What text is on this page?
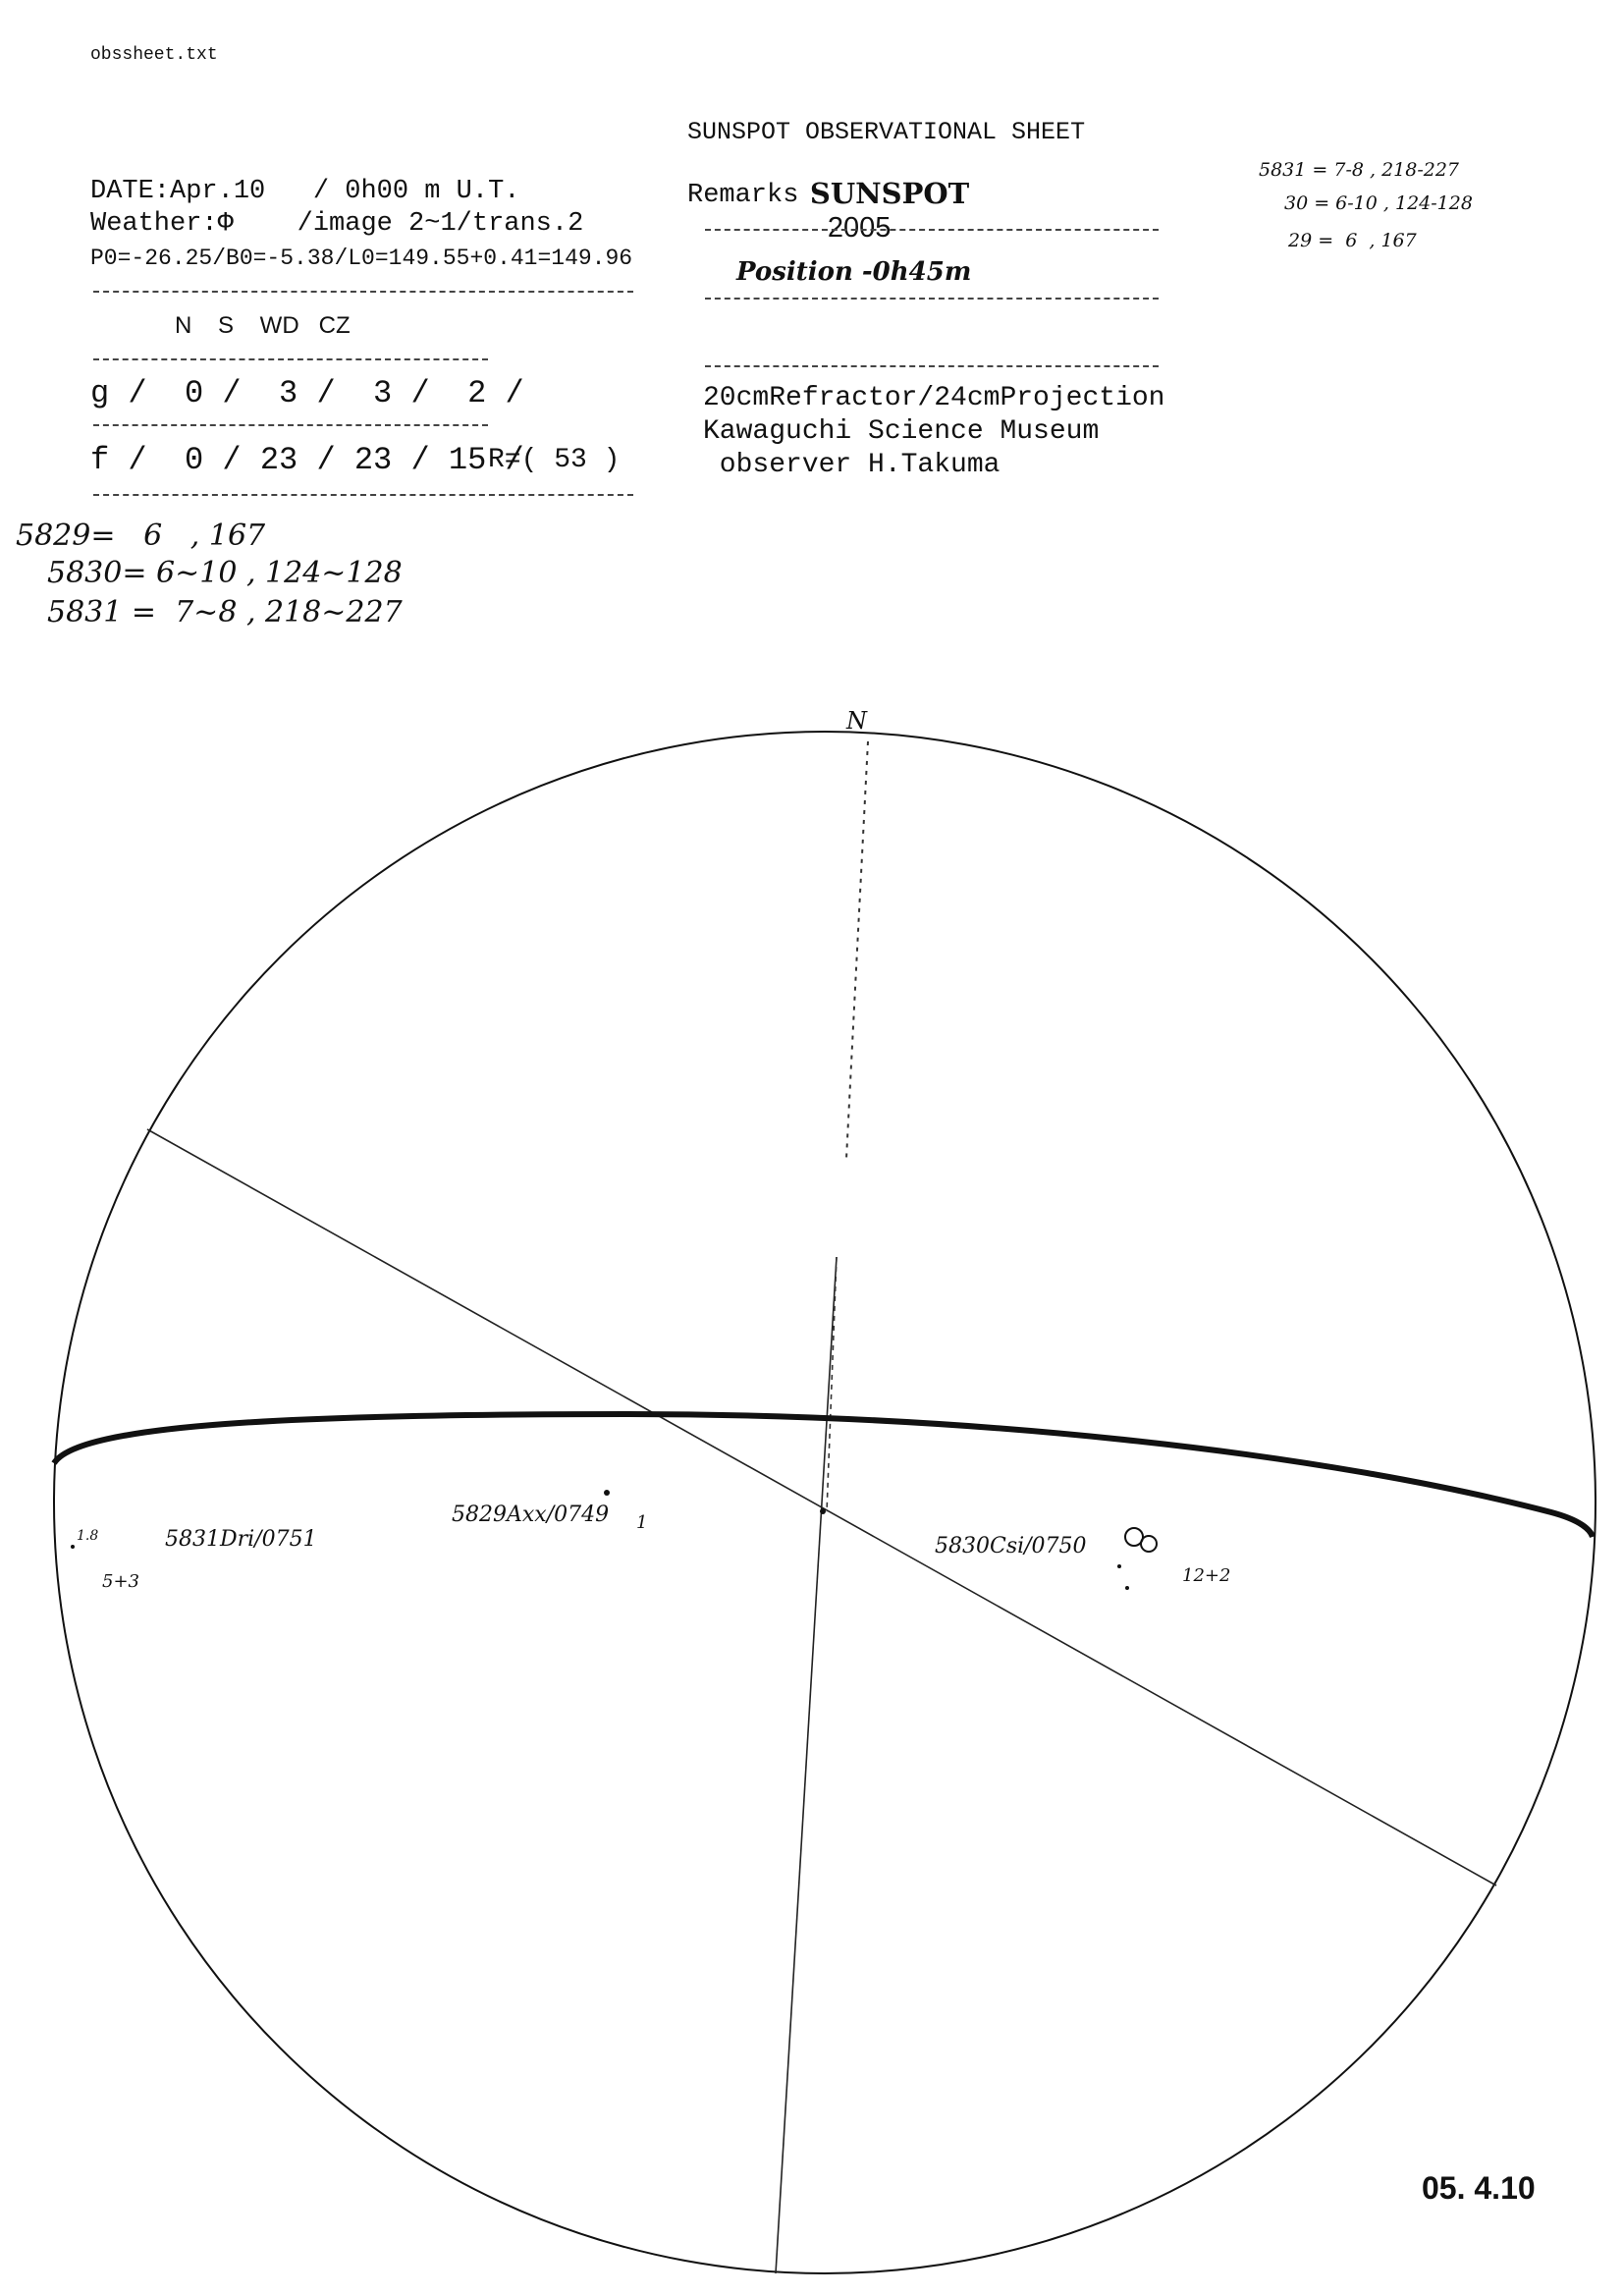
obssheet.txt
SUNSPOT OBSERVATIONAL SHEET

SUNSPOT
2005

Remarks
Position -0h45m
20cmRefractor/24cmProjection
Kawaguchi Science Museum
observer H.Takuma
DATE:Apr.10   / 0h00 m U.T.
Weather:Φ    /image 2~1/trans.2
P0=-26.25/B0=-5.38/L0=149.55+0.41=149.96
N    S    WD   CZ
g /  0 /  3 /  3 /  2 /
f /  0 / 23 / 23 / 15 /
R=( 53 )
5829=   6   , 167
5830= 6~10 , 124~128
5831 =  7~8 , 218~227
5831 = 7-8 , 218-227
30 = 6-10 , 124-128
29 =  6  , 167
N
5831Dri/0751
5+3
1.8
5829Axx/0749 1
5830Csi/0750
12+2
05. 4.10
